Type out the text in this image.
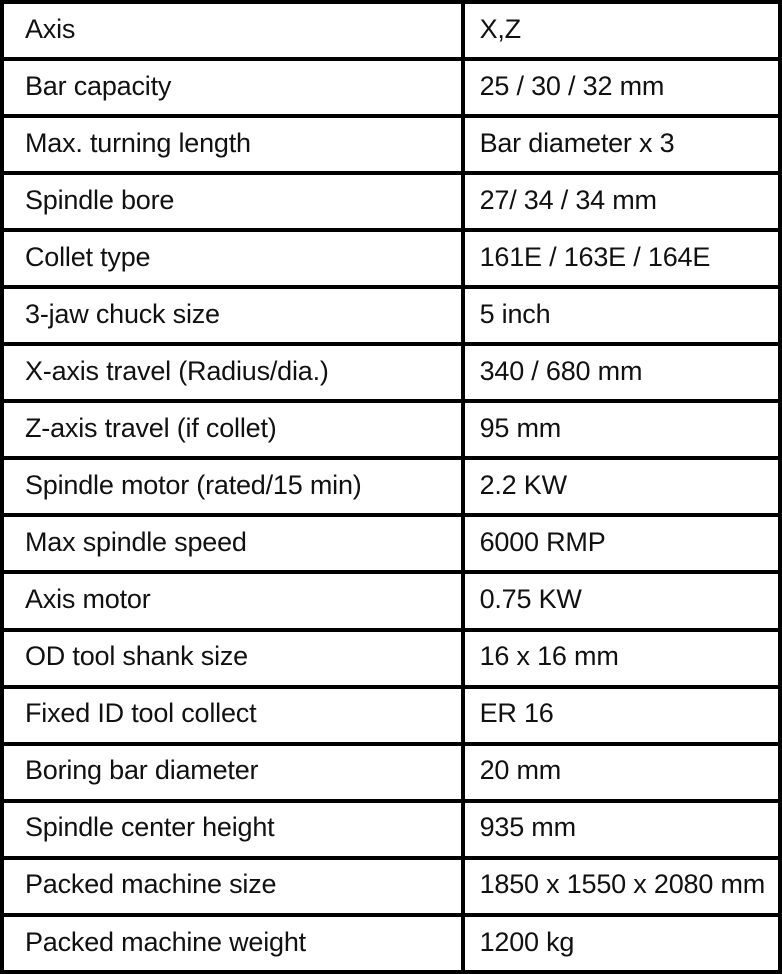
Axis	X,Z
Bar capacity	25 / 30 / 32 mm
Max. turning length	Bar diameter x 3
Spindle bore	27/ 34 / 34 mm
Collet type	161E / 163E / 164E
3-jaw chuck size	5 inch
X-axis travel (Radius/dia.)	340 / 680 mm
Z-axis travel (if collet)	95 mm
Spindle motor (rated/15 min)	2.2 KW
Max spindle speed	6000 RMP
Axis motor	0.75 KW
OD tool shank size	16 x 16 mm
Fixed ID tool collect	ER 16
Boring bar diameter	20 mm
Spindle center height	935 mm
Packed machine size	1850 x 1550 x 2080 mm
Packed machine weight	1200 kg
